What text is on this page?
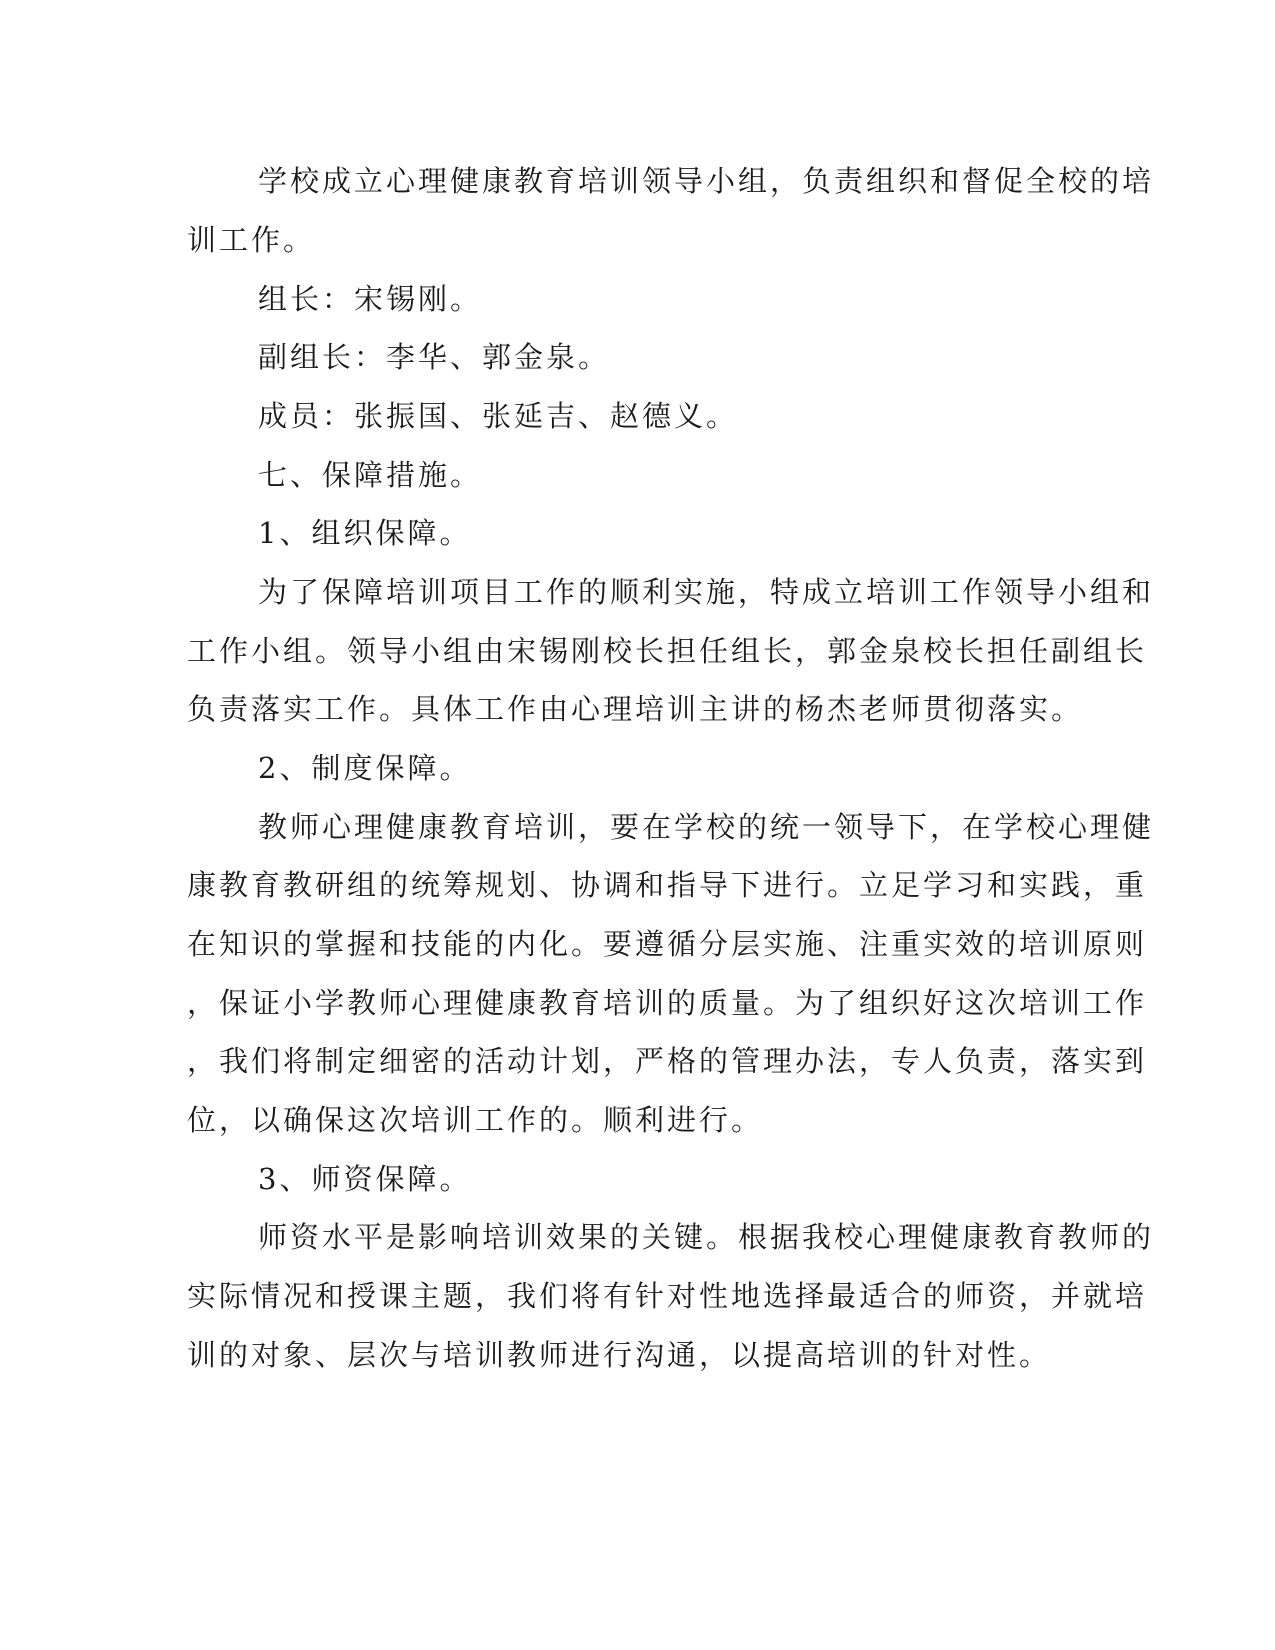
学校成立心理健康教育培训领导小组，负责组织和督促全校的培
训工作。
组长：宋锡刚。
副组长：李华、郭金泉。
成员：张振国、张延吉、赵德义。
七、保障措施。
1、组织保障。
为了保障培训项目工作的顺利实施，特成立培训工作领导小组和
工作小组。领导小组由宋锡刚校长担任组长，郭金泉校长担任副组长
负责落实工作。具体工作由心理培训主讲的杨杰老师贯彻落实。
2、制度保障。
教师心理健康教育培训，要在学校的统一领导下，在学校心理健
康教育教研组的统筹规划、协调和指导下进行。立足学习和实践，重
在知识的掌握和技能的内化。要遵循分层实施、注重实效的培训原则
，保证小学教师心理健康教育培训的质量。为了组织好这次培训工作
，我们将制定细密的活动计划，严格的管理办法，专人负责，落实到
位，以确保这次培训工作的。顺利进行。
3、师资保障。
师资水平是影响培训效果的关键。根据我校心理健康教育教师的
实际情况和授课主题，我们将有针对性地选择最适合的师资，并就培
训的对象、层次与培训教师进行沟通，以提高培训的针对性。
